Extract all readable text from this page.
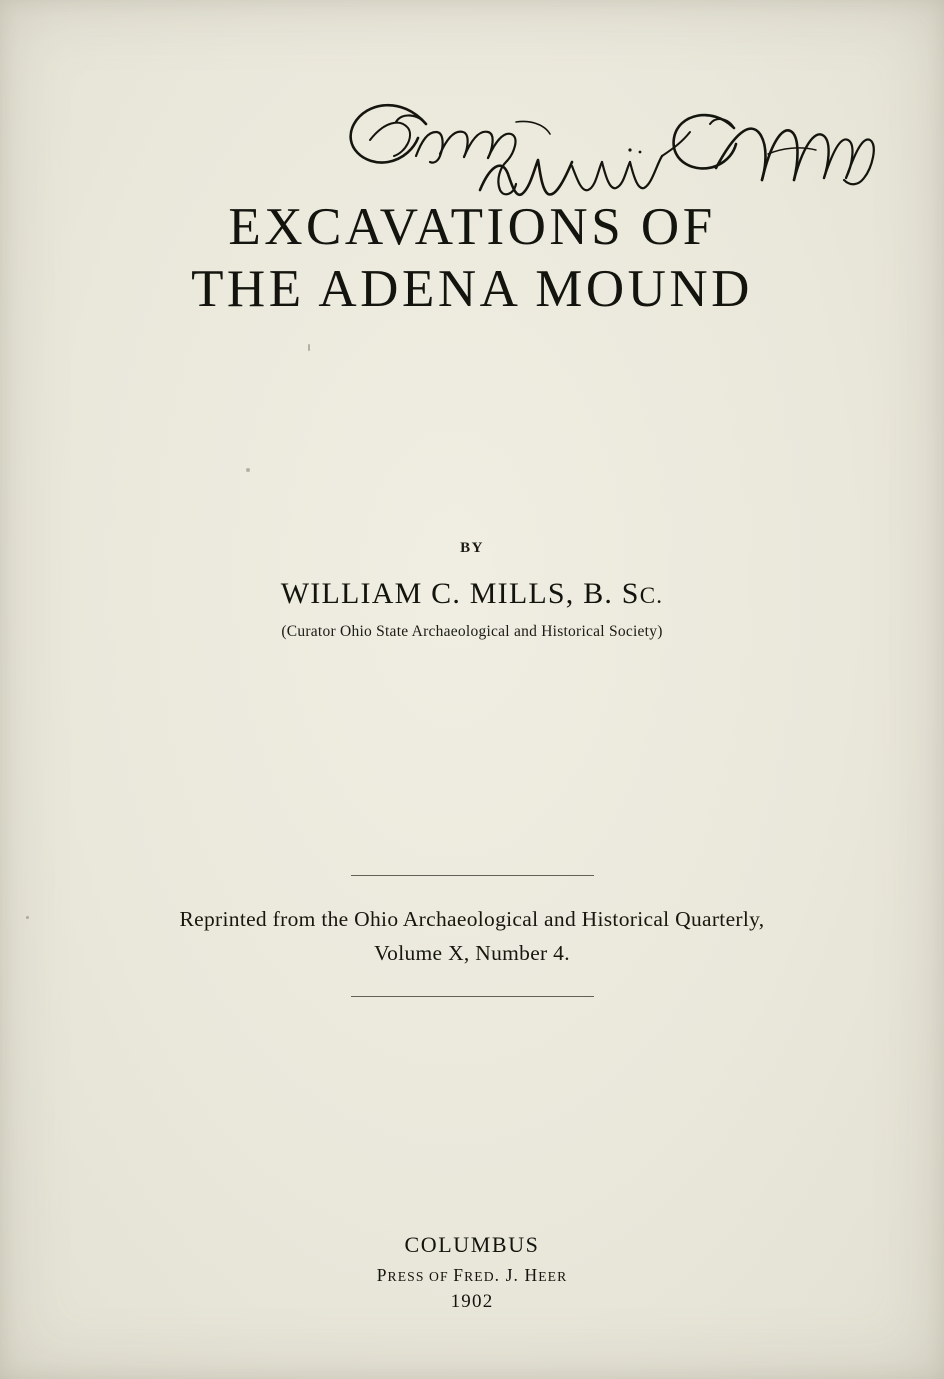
EXCAVATIONS OF
THE ADENA MOUND
BY
WILLIAM C. MILLS, B. SC.
(Curator Ohio State Archaeological and Historical Society)
Reprinted from the Ohio Archaeological and Historical Quarterly,
Volume X, Number 4.
COLUMBUS
PRESS OF FRED. J. HEER
1902
